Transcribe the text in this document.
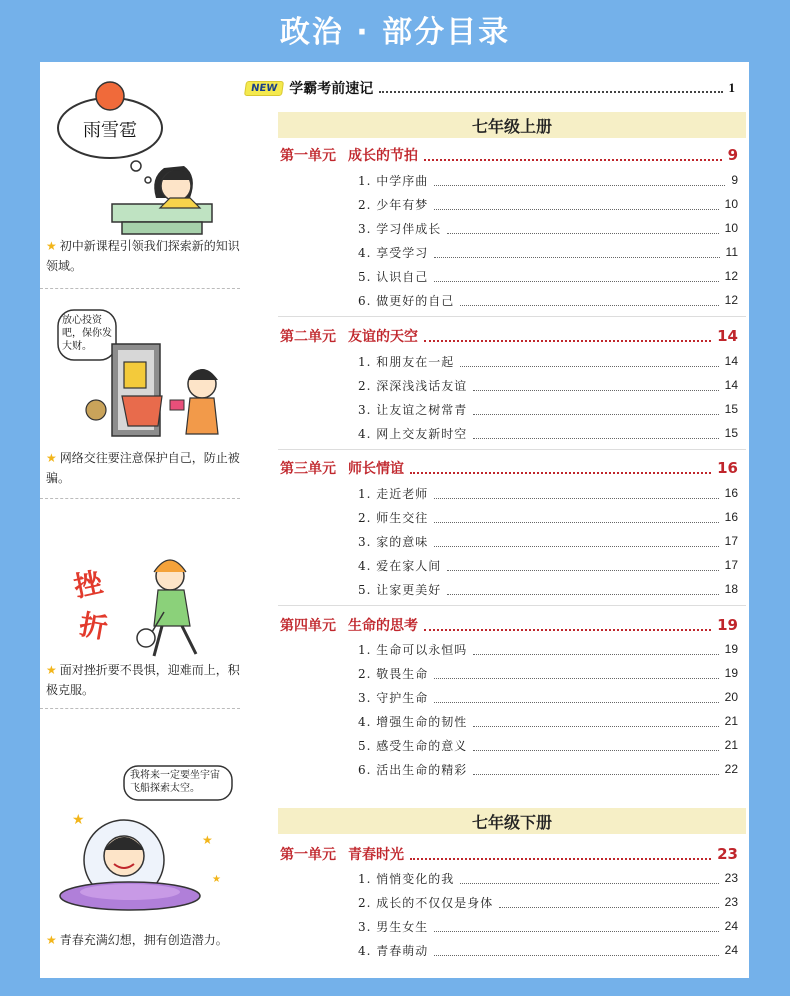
政治 · 部分目录
雨雪雹
★ 初中新课程引领我们探索新的知识领域。
放心投资吧，保你发大财。
★ 网络交往要注意保护自己，防止被骗。
挫
折
★ 面对挫折要不畏惧，迎难而上，积极克服。
我将来一定要坐宇宙飞船探索太空。
★
★
★
★ 青春充满幻想，拥有创造潜力。
NEW 学霸考前速记	1
七年级上册
第一单元 成长的节拍	9
1. 中学序曲	9
2. 少年有梦	10
3. 学习伴成长	10
4. 享受学习	11
5. 认识自己	12
6. 做更好的自己	12
第二单元 友谊的天空	14
1. 和朋友在一起	14
2. 深深浅浅话友谊	14
3. 让友谊之树常青	15
4. 网上交友新时空	15
第三单元 师长情谊	16
1. 走近老师	16
2. 师生交往	16
3. 家的意味	17
4. 爱在家人间	17
5. 让家更美好	18
第四单元 生命的思考	19
1. 生命可以永恒吗	19
2. 敬畏生命	19
3. 守护生命	20
4. 增强生命的韧性	21
5. 感受生命的意义	21
6. 活出生命的精彩	22
七年级下册
第一单元 青春时光	23
1. 悄悄变化的我	23
2. 成长的不仅仅是身体	23
3. 男生女生	24
4. 青春萌动	24
